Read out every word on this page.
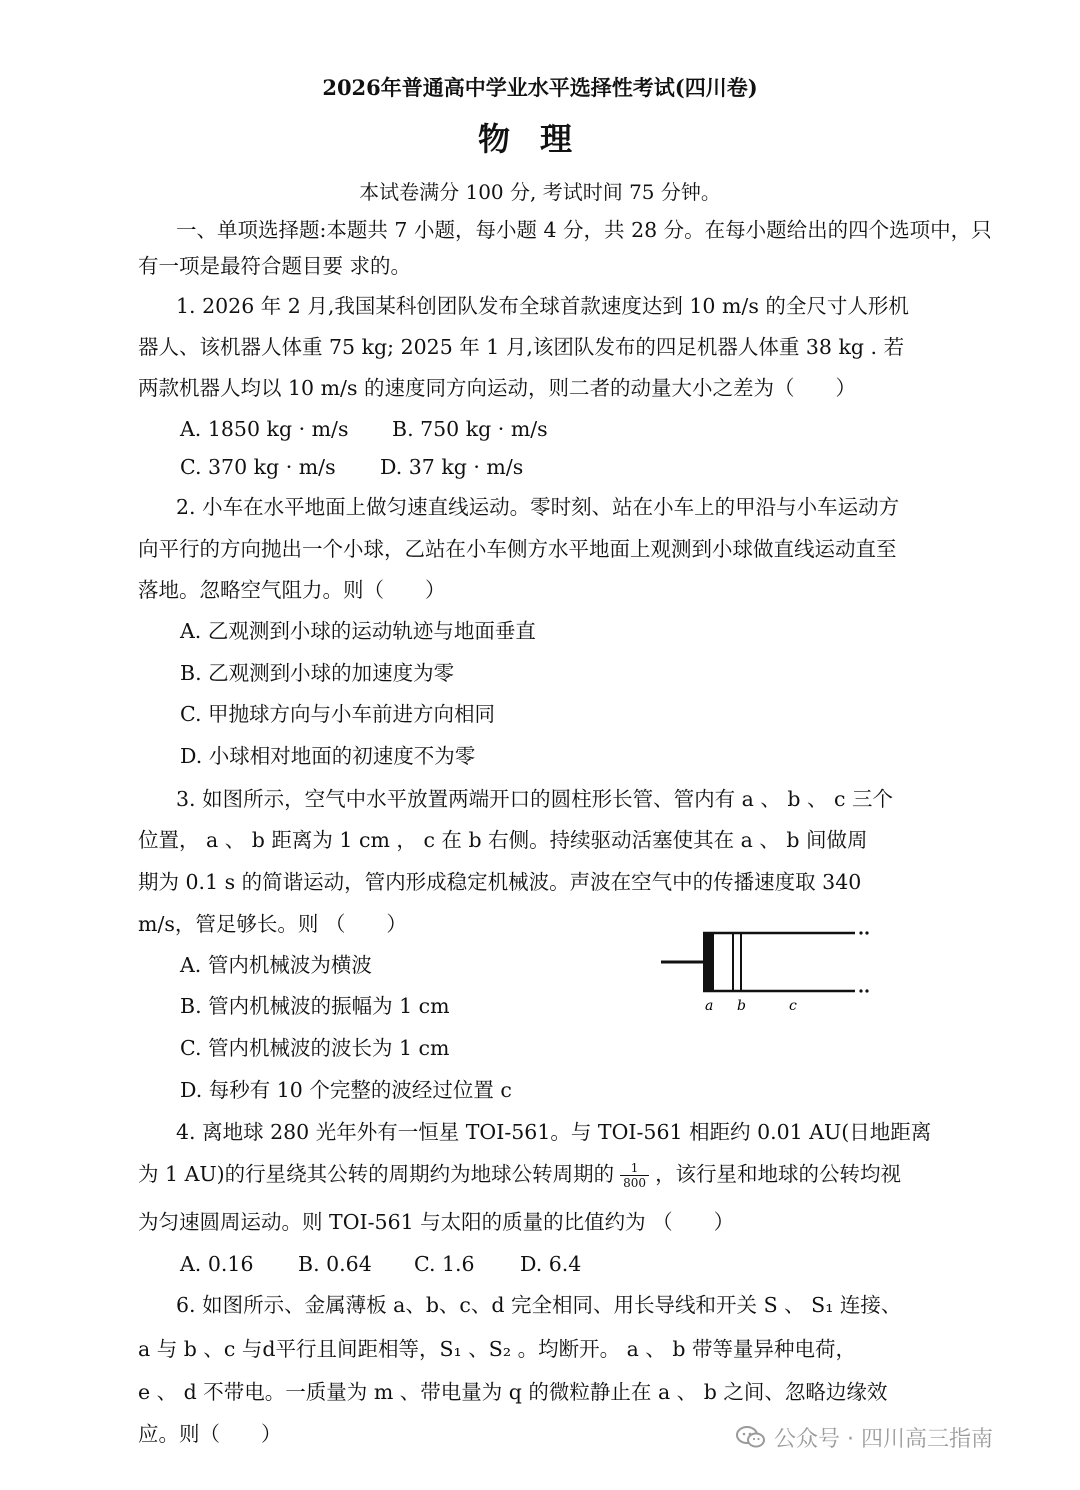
2026年普通高中学业水平选择性考试(四川卷)
物理
本试卷满分 100 分, 考试时间 75 分钟。
一、单项选择题:本题共 7 小题，每小题 4 分，共 28 分。在每小题给出的四个选项中，只
有一项是最符合题目要 求的。
1. 2026 年 2 月,我国某科创团队发布全球首款速度达到 10 m/s 的全尺寸人形机
器人、该机器人体重 75 kg; 2025 年 1 月,该团队发布的四足机器人体重 38 kg . 若
两款机器人均以 10 m/s 的速度同方向运动，则二者的动量大小之差为（　　）
A. 1850 kg · m/s B. 750 kg · m/s
C. 370 kg · m/s D. 37 kg · m/s
2. 小车在水平地面上做匀速直线运动。零时刻、站在小车上的甲沿与小车运动方
向平行的方向抛出一个小球，乙站在小车侧方水平地面上观测到小球做直线运动直至
落地。忽略空气阻力。则（　　）
A. 乙观测到小球的运动轨迹与地面垂直
B. 乙观测到小球的加速度为零
C. 甲抛球方向与小车前进方向相同
D. 小球相对地面的初速度不为零
3. 如图所示，空气中水平放置两端开口的圆柱形长管、管内有 a 、 b 、 c 三个
位置， a 、 b 距离为 1 cm ， c 在 b 右侧。持续驱动活塞使其在 a 、 b 间做周
期为 0.1 s 的简谐运动，管内形成稳定机械波。声波在空气中的传播速度取 340
m/s，管足够长。则 （　　）
A. 管内机械波为横波
B. 管内机械波的振幅为 1 cm
C. 管内机械波的波长为 1 cm
D. 每秒有 10 个完整的波经过位置 c
a b	c
4. 离地球 280 光年外有一恒星 TOI-561。与 TOI-561 相距约 0.01 AU(日地距离
为 1 AU)的行星绕其公转的周期约为地球公转周期的 $\frac{1}{800}$ ，该行星和地球的公转均视
为匀速圆周运动。则 TOI-561 与太阳的质量的比值约为 （　　）
A. 0.16 B. 0.64 C. 1.6 D. 6.4
6. 如图所示、金属薄板 a、b、c、d 完全相同、用长导线和开关 S 、 S₁ 连接、
a 与 b 、c 与d平行且间距相等，S₁ 、S₂ 。均断开。 a 、 b 带等量异种电荷，
e 、 d 不带电。一质量为 m 、带电量为 q 的微粒静止在 a 、 b 之间、忽略边缘效
应。则（　　）	公众号 · 四川高三指南
